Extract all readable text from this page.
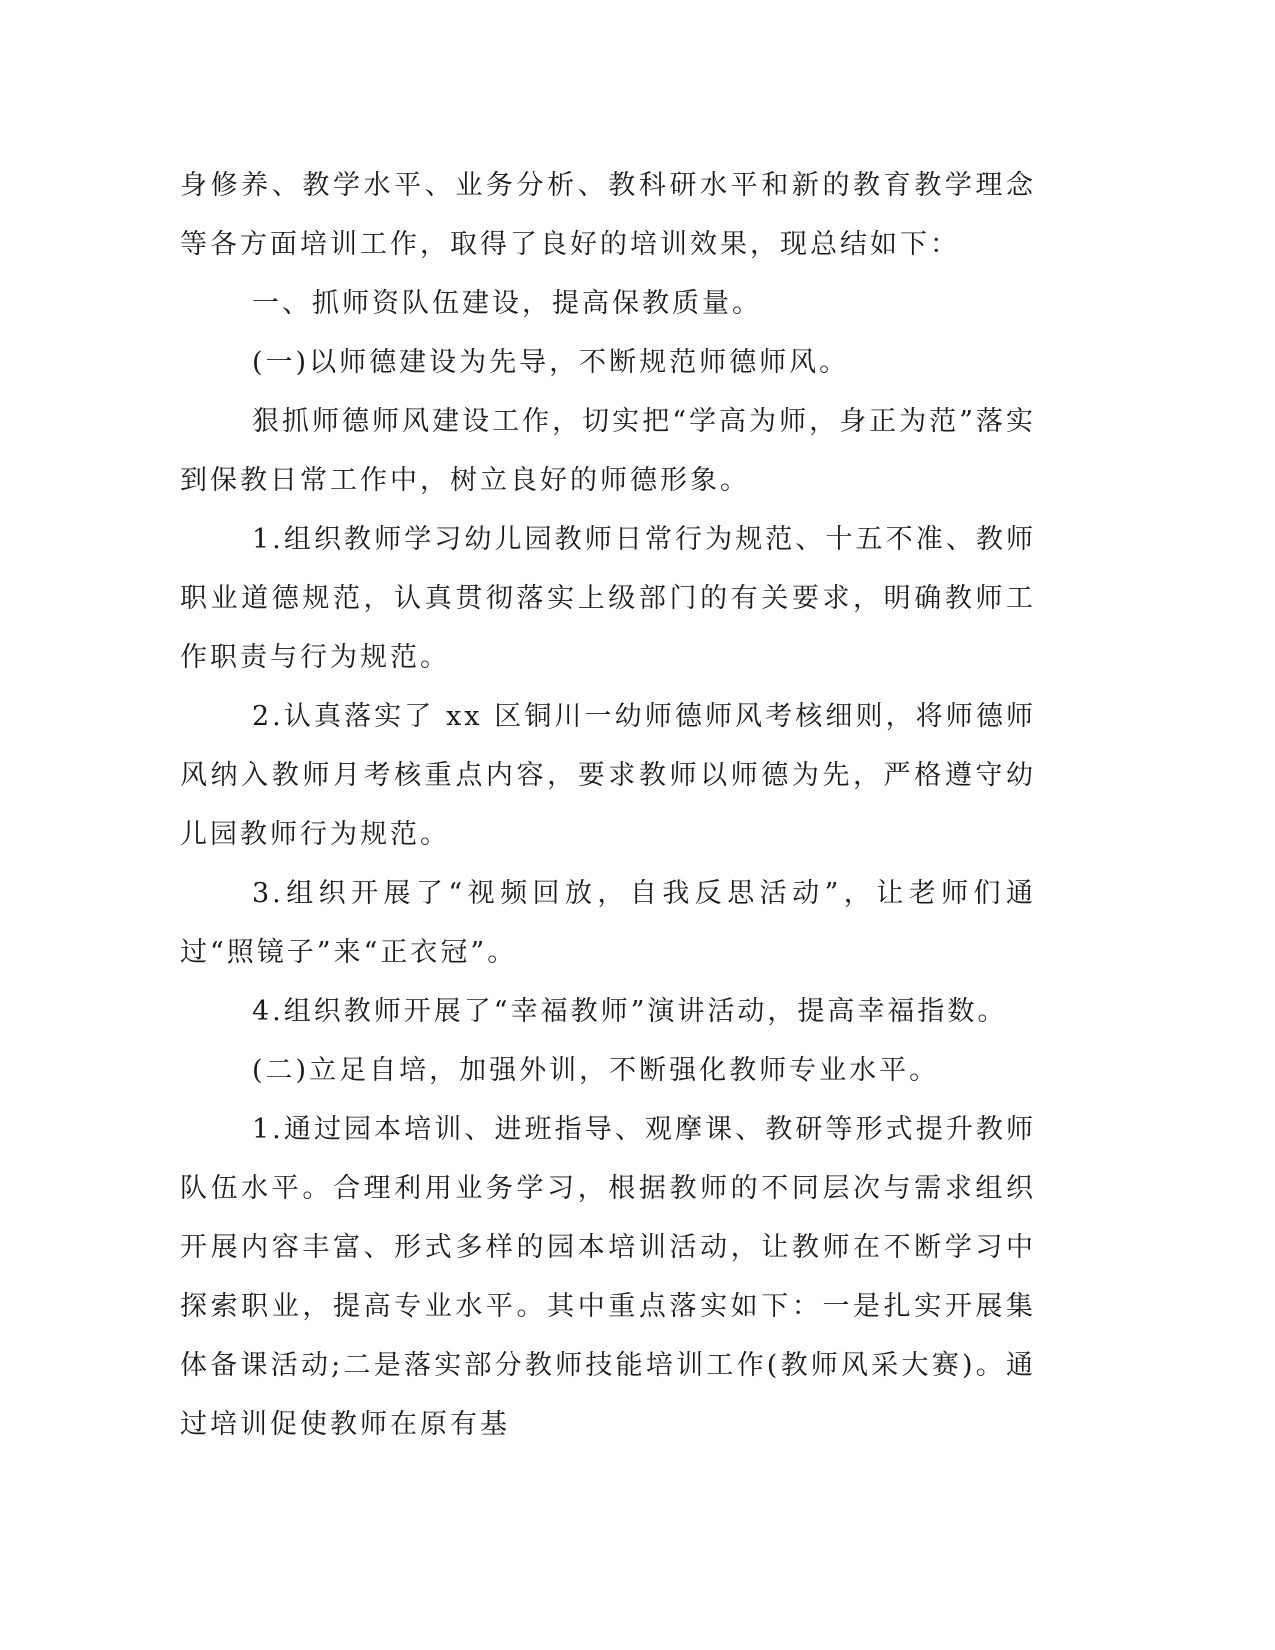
身修养、教学水平、业务分析、教科研水平和新的教育教学理念等各方面培训工作，取得了良好的培训效果，现总结如下：

一、抓师资队伍建设，提高保教质量。

(一)以师德建设为先导，不断规范师德师风。

狠抓师德师风建设工作，切实把“学高为师，身正为范”落实到保教日常工作中，树立良好的师德形象。

1.组织教师学习幼儿园教师日常行为规范、十五不准、教师职业道德规范，认真贯彻落实上级部门的有关要求，明确教师工作职责与行为规范。

2.认真落实了 xx 区铜川一幼师德师风考核细则，将师德师风纳入教师月考核重点内容，要求教师以师德为先，严格遵守幼儿园教师行为规范。

3.组织开展了“视频回放，自我反思活动”，让老师们通过“照镜子”来“正衣冠”。

4.组织教师开展了“幸福教师”演讲活动，提高幸福指数。

(二)立足自培，加强外训，不断强化教师专业水平。

1.通过园本培训、进班指导、观摩课、教研等形式提升教师队伍水平。合理利用业务学习，根据教师的不同层次与需求组织开展内容丰富、形式多样的园本培训活动，让教师在不断学习中探索职业，提高专业水平。其中重点落实如下：一是扎实开展集体备课活动;二是落实部分教师技能培训工作(教师风采大赛)。通过培训促使教师在原有基
